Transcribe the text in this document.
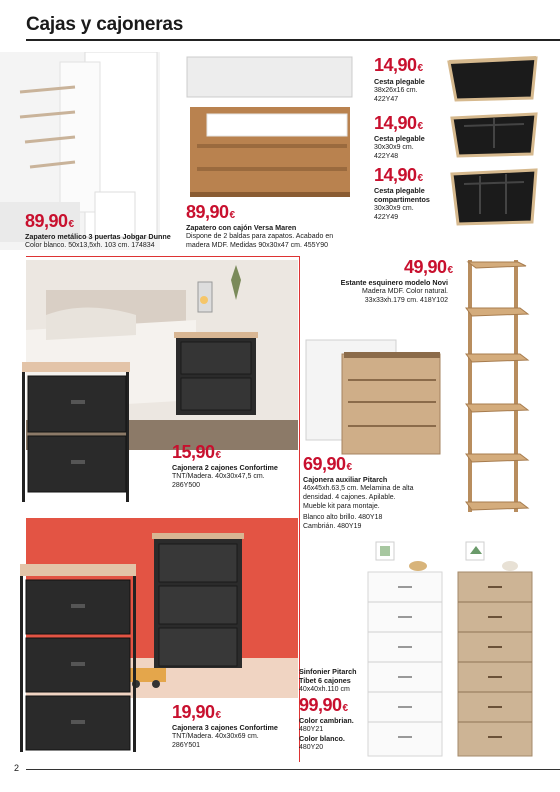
Cajas y cajoneras
89,90€
Zapatero metálico 3 puertas Jobgar Dunne
Color blanco. 50x13,5xh. 103 cm. 174834
89,90€
Zapatero con cajón Versa Maren
Dispone de 2 baldas para zapatos. Acabado en madera MDF. Medidas 90x30x47 cm. 455Y90
14,90€
Cesta plegable
38x26x16 cm.
422Y47
14,90€
Cesta plegable
30x30x9 cm.
422Y48
14,90€
Cesta plegable
compartimentos
30x30x9 cm.
422Y49
15,90€
Cajonera 2 cajones Confortime
TNT/Madera. 40x30x47,5 cm.
286Y500
19,90€
Cajonera 3 cajones Confortime
TNT/Madera. 40x30x69 cm.
286Y501
49,90€
Estante esquinero modelo Novi
Madera MDF. Color natural.
33x33xh.179 cm. 418Y102
69,90€
Cajonera auxiliar Pitarch
46x45xh.63,5 cm. Melamina de alta
densidad. 4 cajones. Apilable.
Mueble kit para montaje.
Blanco alto brillo. 480Y18
Cambrián. 480Y19
Sinfonier Pitarch
Tibet 6 cajones
40x40xh.110 cm
99,90€
Color cambrian.
480Y21
Color blanco.
480Y20
2
